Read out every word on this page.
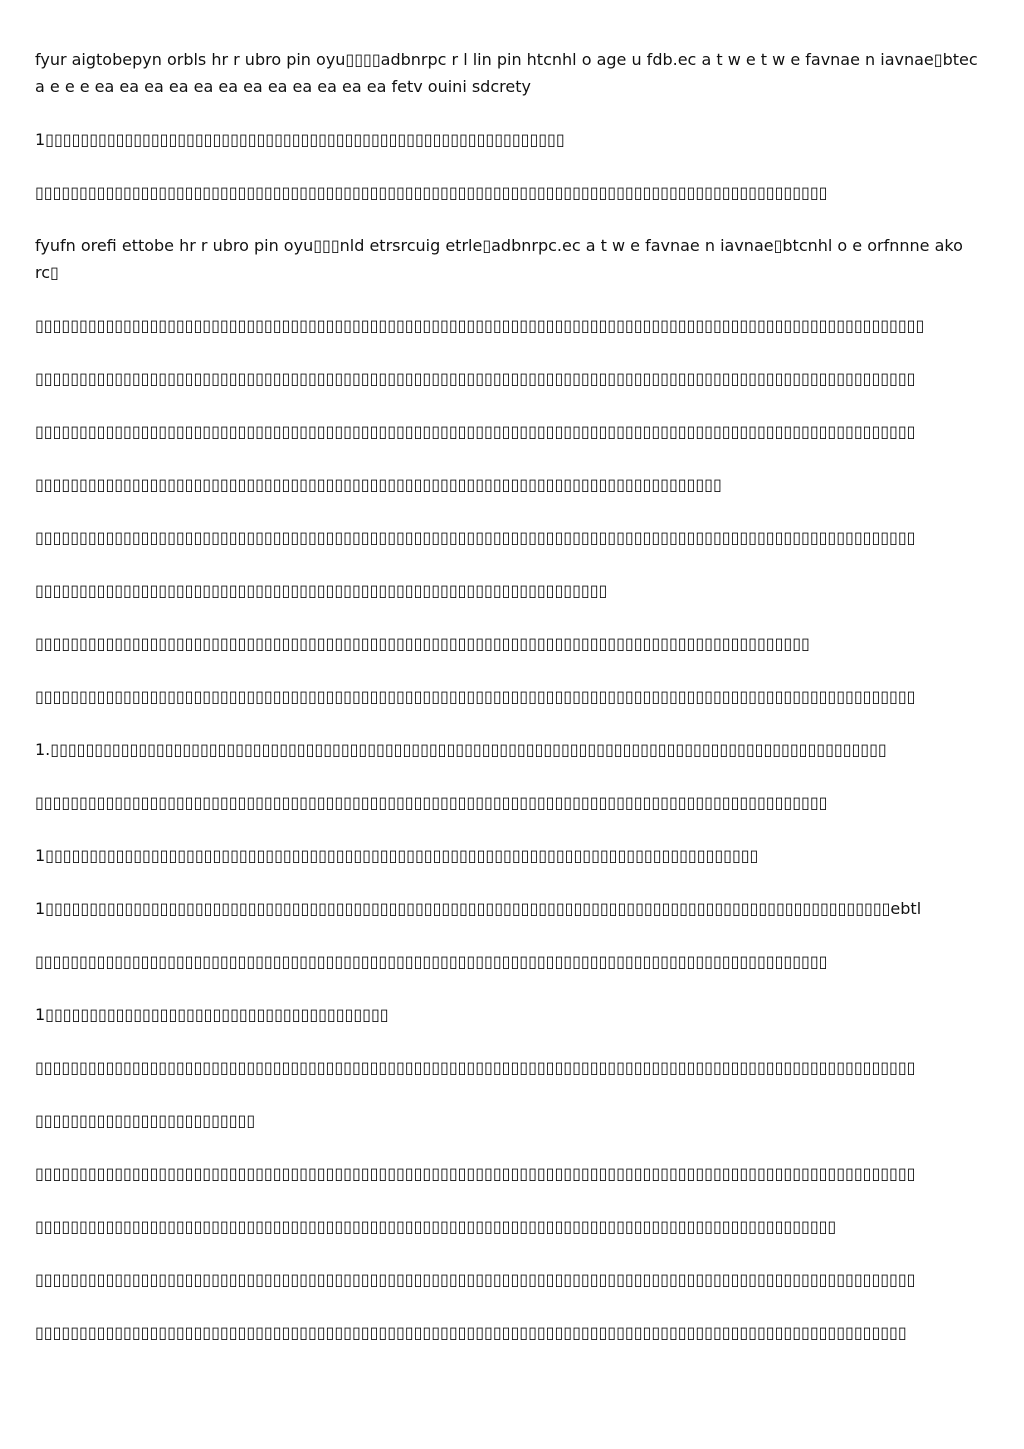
fyur aigtobepyn orbls hr r ubro pin oyu▯▯▯▯adbnrpc r l lin pin htcnhl o age u fdb.ec a t w e t w e favnae n iavnae▯btec a e e e ea ea ea ea ea ea ea ea ea ea ea ea fetv ouini sdcrety

1▯▯▯▯▯▯▯▯▯▯▯▯▯▯▯▯▯▯▯▯▯▯▯▯▯▯▯▯▯▯▯▯▯▯▯▯▯▯▯▯▯▯▯▯▯▯▯▯▯▯▯▯▯▯▯▯▯▯▯

▯▯▯▯▯▯▯▯▯▯▯▯▯▯▯▯▯▯▯▯▯▯▯▯▯▯▯▯▯▯▯▯▯▯▯▯▯▯▯▯▯▯▯▯▯▯▯▯▯▯▯▯▯▯▯▯▯▯▯▯▯▯▯▯▯▯▯▯▯▯▯▯▯▯▯▯▯▯▯▯▯▯▯▯▯▯▯▯▯▯

fyufn orefi ettobe hr r ubro pin oyu▯▯▯nld etrsrcuig etrle▯adbnrpc.ec a t w e favnae n iavnae▯btcnhl o e orfnnne ako rc▯

▯▯▯▯▯▯▯▯▯▯▯▯▯▯▯▯▯▯▯▯▯▯▯▯▯▯▯▯▯▯▯▯▯▯▯▯▯▯▯▯▯▯▯▯▯▯▯▯▯▯▯▯▯▯▯▯▯▯▯▯▯▯▯▯▯▯▯▯▯▯▯▯▯▯▯▯▯▯▯▯▯▯▯▯▯▯▯▯▯▯▯▯▯▯▯▯▯▯▯▯▯

▯▯▯▯▯▯▯▯▯▯▯▯▯▯▯▯▯▯▯▯▯▯▯▯▯▯▯▯▯▯▯▯▯▯▯▯▯▯▯▯▯▯▯▯▯▯▯▯▯▯▯▯▯▯▯▯▯▯▯▯▯▯▯▯▯▯▯▯▯▯▯▯▯▯▯▯▯▯▯▯▯▯▯▯▯▯▯▯▯▯▯▯▯▯▯▯▯▯▯▯

▯▯▯▯▯▯▯▯▯▯▯▯▯▯▯▯▯▯▯▯▯▯▯▯▯▯▯▯▯▯▯▯▯▯▯▯▯▯▯▯▯▯▯▯▯▯▯▯▯▯▯▯▯▯▯▯▯▯▯▯▯▯▯▯▯▯▯▯▯▯▯▯▯▯▯▯▯▯▯▯▯▯▯▯▯▯▯▯▯▯▯▯▯▯▯▯▯▯▯▯

▯▯▯▯▯▯▯▯▯▯▯▯▯▯▯▯▯▯▯▯▯▯▯▯▯▯▯▯▯▯▯▯▯▯▯▯▯▯▯▯▯▯▯▯▯▯▯▯▯▯▯▯▯▯▯▯▯▯▯▯▯▯▯▯▯▯▯▯▯▯▯▯▯▯▯▯▯▯

▯▯▯▯▯▯▯▯▯▯▯▯▯▯▯▯▯▯▯▯▯▯▯▯▯▯▯▯▯▯▯▯▯▯▯▯▯▯▯▯▯▯▯▯▯▯▯▯▯▯▯▯▯▯▯▯▯▯▯▯▯▯▯▯▯▯▯▯▯▯▯▯▯▯▯▯▯▯▯▯▯▯▯▯▯▯▯▯▯▯▯▯▯▯▯▯▯▯▯▯

▯▯▯▯▯▯▯▯▯▯▯▯▯▯▯▯▯▯▯▯▯▯▯▯▯▯▯▯▯▯▯▯▯▯▯▯▯▯▯▯▯▯▯▯▯▯▯▯▯▯▯▯▯▯▯▯▯▯▯▯▯▯▯▯▯

▯▯▯▯▯▯▯▯▯▯▯▯▯▯▯▯▯▯▯▯▯▯▯▯▯▯▯▯▯▯▯▯▯▯▯▯▯▯▯▯▯▯▯▯▯▯▯▯▯▯▯▯▯▯▯▯▯▯▯▯▯▯▯▯▯▯▯▯▯▯▯▯▯▯▯▯▯▯▯▯▯▯▯▯▯▯▯▯

▯▯▯▯▯▯▯▯▯▯▯▯▯▯▯▯▯▯▯▯▯▯▯▯▯▯▯▯▯▯▯▯▯▯▯▯▯▯▯▯▯▯▯▯▯▯▯▯▯▯▯▯▯▯▯▯▯▯▯▯▯▯▯▯▯▯▯▯▯▯▯▯▯▯▯▯▯▯▯▯▯▯▯▯▯▯▯▯▯▯▯▯▯▯▯▯▯▯▯▯

1.▯▯▯▯▯▯▯▯▯▯▯▯▯▯▯▯▯▯▯▯▯▯▯▯▯▯▯▯▯▯▯▯▯▯▯▯▯▯▯▯▯▯▯▯▯▯▯▯▯▯▯▯▯▯▯▯▯▯▯▯▯▯▯▯▯▯▯▯▯▯▯▯▯▯▯▯▯▯▯▯▯▯▯▯▯▯▯▯▯▯▯▯▯▯▯

▯▯▯▯▯▯▯▯▯▯▯▯▯▯▯▯▯▯▯▯▯▯▯▯▯▯▯▯▯▯▯▯▯▯▯▯▯▯▯▯▯▯▯▯▯▯▯▯▯▯▯▯▯▯▯▯▯▯▯▯▯▯▯▯▯▯▯▯▯▯▯▯▯▯▯▯▯▯▯▯▯▯▯▯▯▯▯▯▯▯

1▯▯▯▯▯▯▯▯▯▯▯▯▯▯▯▯▯▯▯▯▯▯▯▯▯▯▯▯▯▯▯▯▯▯▯▯▯▯▯▯▯▯▯▯▯▯▯▯▯▯▯▯▯▯▯▯▯▯▯▯▯▯▯▯▯▯▯▯▯▯▯▯▯▯▯▯▯▯▯▯▯

1▯▯▯▯▯▯▯▯▯▯▯▯▯▯▯▯▯▯▯▯▯▯▯▯▯▯▯▯▯▯▯▯▯▯▯▯▯▯▯▯▯▯▯▯▯▯▯▯▯▯▯▯▯▯▯▯▯▯▯▯▯▯▯▯▯▯▯▯▯▯▯▯▯▯▯▯▯▯▯▯▯▯▯▯▯▯▯▯▯▯▯▯▯▯▯▯ebtl

▯▯▯▯▯▯▯▯▯▯▯▯▯▯▯▯▯▯▯▯▯▯▯▯▯▯▯▯▯▯▯▯▯▯▯▯▯▯▯▯▯▯▯▯▯▯▯▯▯▯▯▯▯▯▯▯▯▯▯▯▯▯▯▯▯▯▯▯▯▯▯▯▯▯▯▯▯▯▯▯▯▯▯▯▯▯▯▯▯▯

1▯▯▯▯▯▯▯▯▯▯▯▯▯▯▯▯▯▯▯▯▯▯▯▯▯▯▯▯▯▯▯▯▯▯▯▯▯▯▯

▯▯▯▯▯▯▯▯▯▯▯▯▯▯▯▯▯▯▯▯▯▯▯▯▯▯▯▯▯▯▯▯▯▯▯▯▯▯▯▯▯▯▯▯▯▯▯▯▯▯▯▯▯▯▯▯▯▯▯▯▯▯▯▯▯▯▯▯▯▯▯▯▯▯▯▯▯▯▯▯▯▯▯▯▯▯▯▯▯▯▯▯▯▯▯▯▯▯▯▯

▯▯▯▯▯▯▯▯▯▯▯▯▯▯▯▯▯▯▯▯▯▯▯▯▯

▯▯▯▯▯▯▯▯▯▯▯▯▯▯▯▯▯▯▯▯▯▯▯▯▯▯▯▯▯▯▯▯▯▯▯▯▯▯▯▯▯▯▯▯▯▯▯▯▯▯▯▯▯▯▯▯▯▯▯▯▯▯▯▯▯▯▯▯▯▯▯▯▯▯▯▯▯▯▯▯▯▯▯▯▯▯▯▯▯▯▯▯▯▯▯▯▯▯▯▯

▯▯▯▯▯▯▯▯▯▯▯▯▯▯▯▯▯▯▯▯▯▯▯▯▯▯▯▯▯▯▯▯▯▯▯▯▯▯▯▯▯▯▯▯▯▯▯▯▯▯▯▯▯▯▯▯▯▯▯▯▯▯▯▯▯▯▯▯▯▯▯▯▯▯▯▯▯▯▯▯▯▯▯▯▯▯▯▯▯▯▯

▯▯▯▯▯▯▯▯▯▯▯▯▯▯▯▯▯▯▯▯▯▯▯▯▯▯▯▯▯▯▯▯▯▯▯▯▯▯▯▯▯▯▯▯▯▯▯▯▯▯▯▯▯▯▯▯▯▯▯▯▯▯▯▯▯▯▯▯▯▯▯▯▯▯▯▯▯▯▯▯▯▯▯▯▯▯▯▯▯▯▯▯▯▯▯▯▯▯▯▯

▯▯▯▯▯▯▯▯▯▯▯▯▯▯▯▯▯▯▯▯▯▯▯▯▯▯▯▯▯▯▯▯▯▯▯▯▯▯▯▯▯▯▯▯▯▯▯▯▯▯▯▯▯▯▯▯▯▯▯▯▯▯▯▯▯▯▯▯▯▯▯▯▯▯▯▯▯▯▯▯▯▯▯▯▯▯▯▯▯▯▯▯▯▯▯▯▯▯▯
